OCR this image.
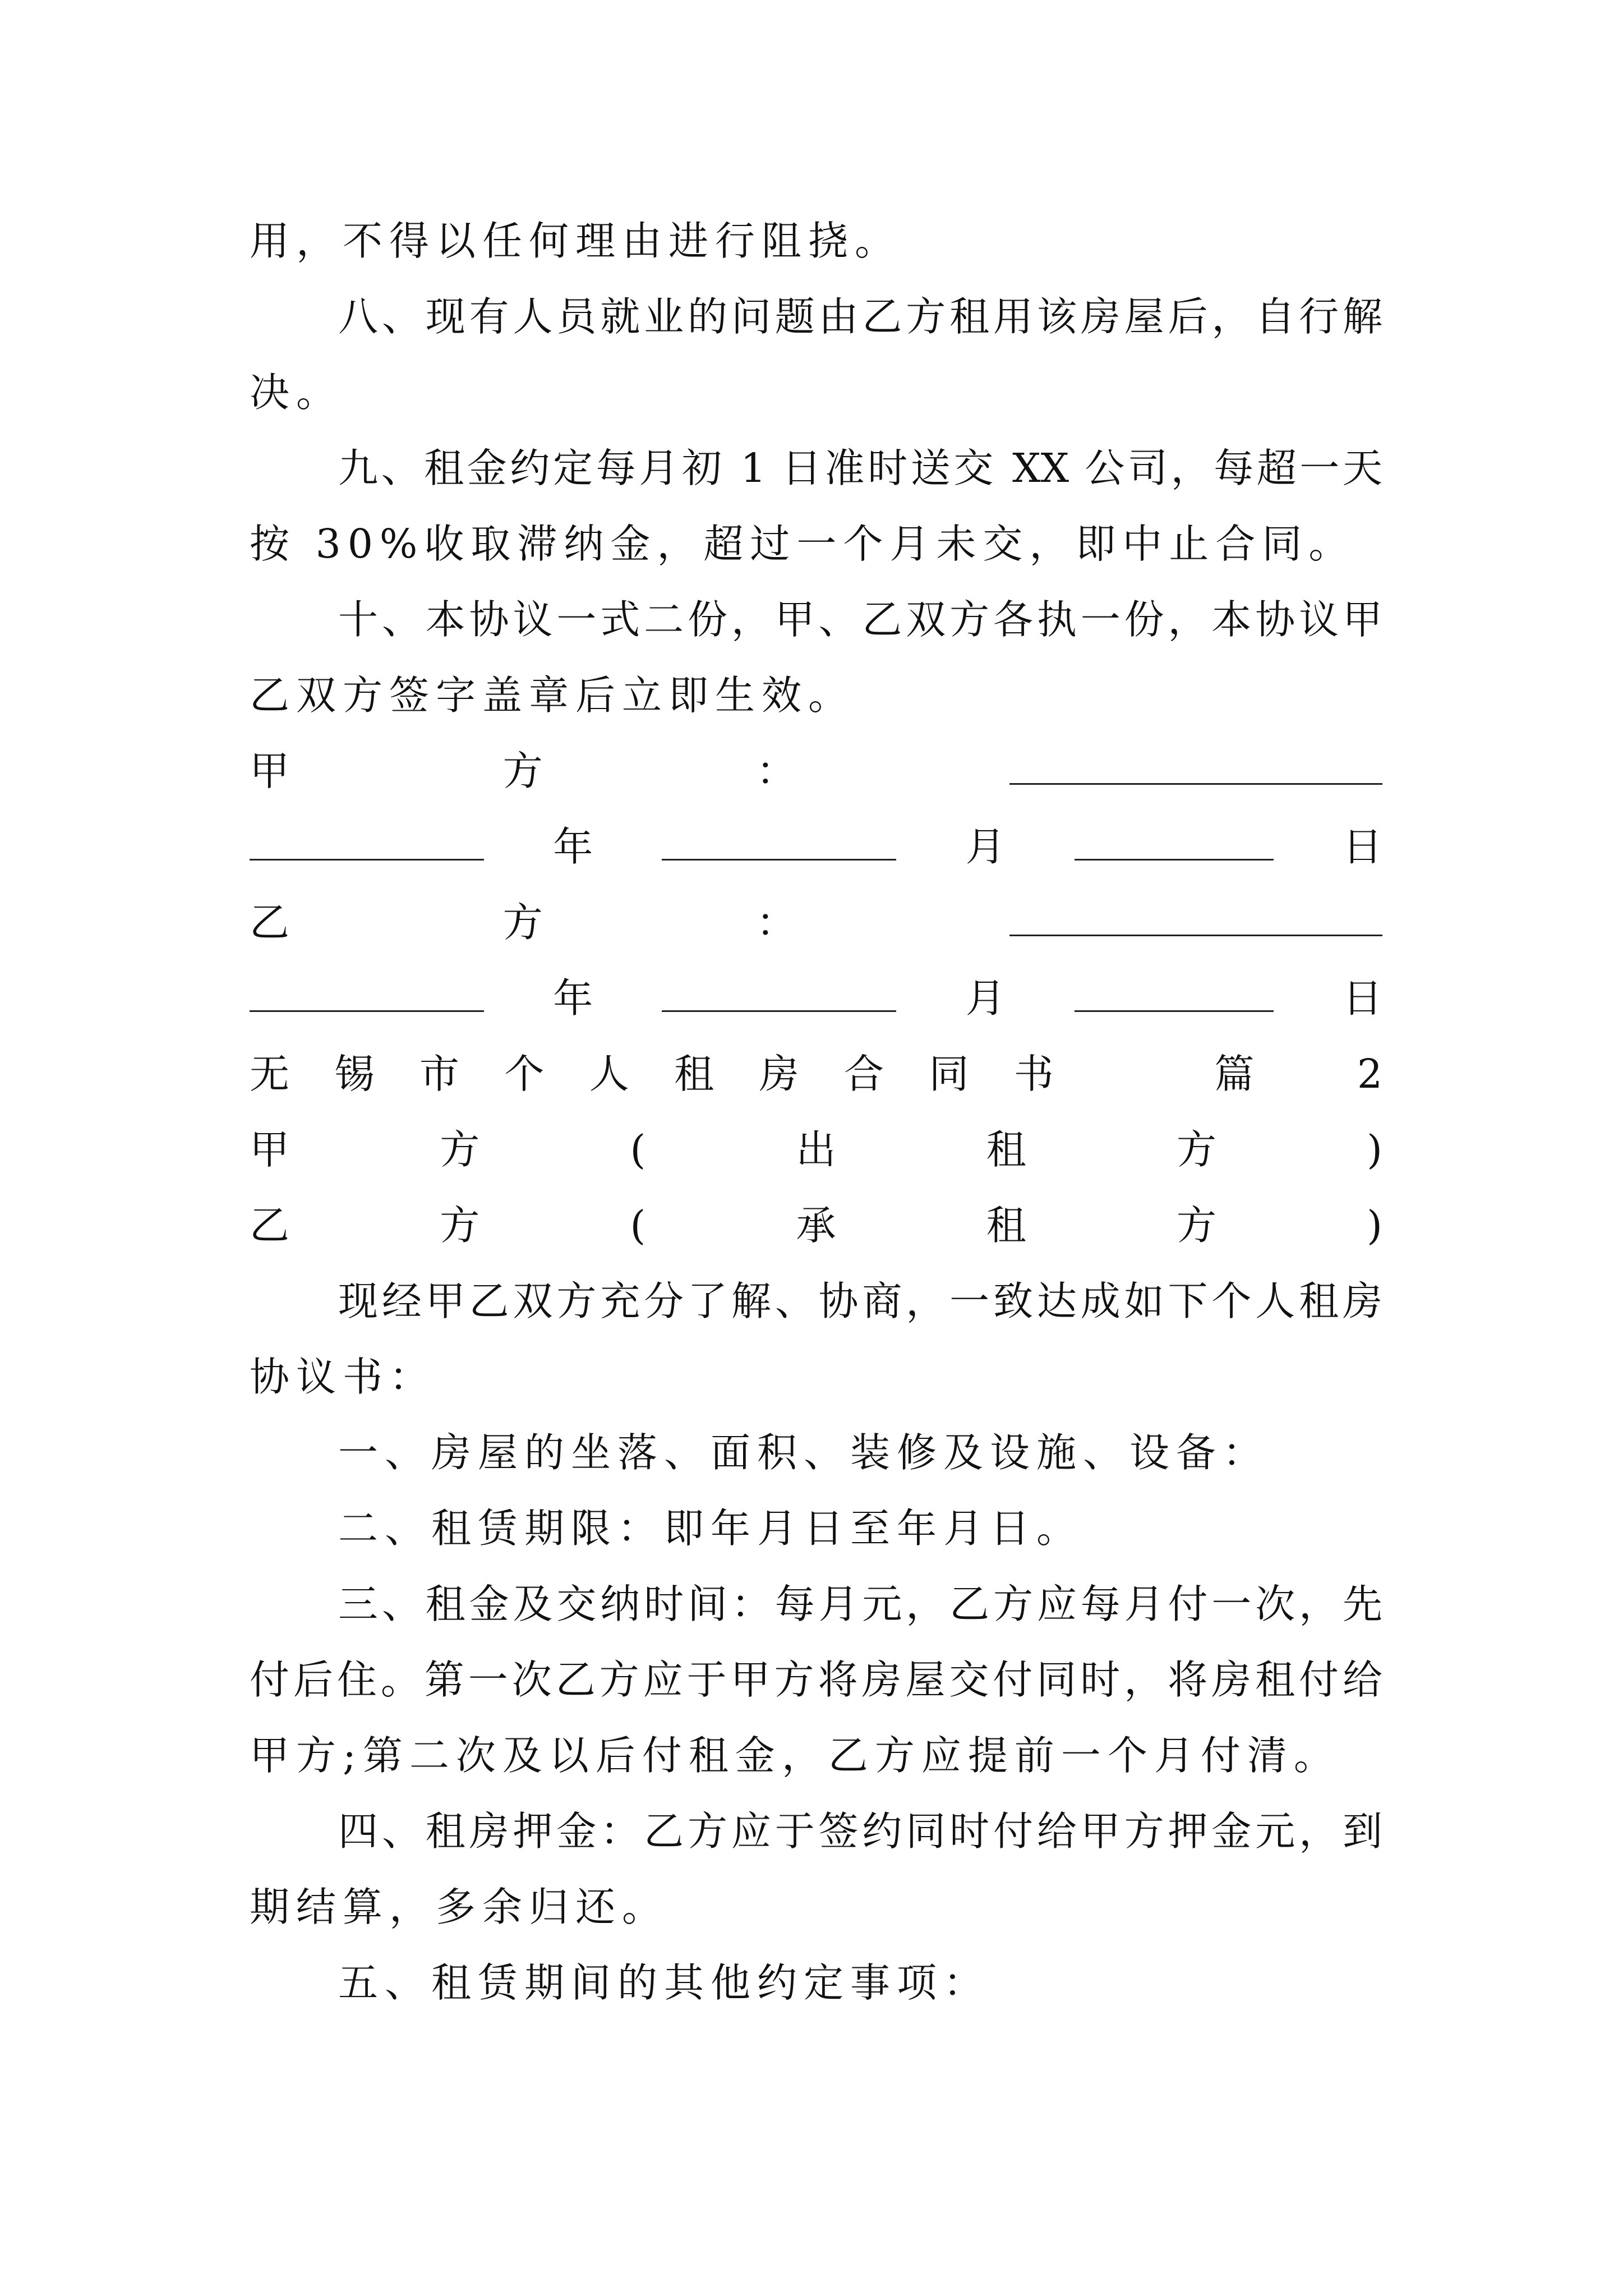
用，不得以任何理由进行阻挠。

八、现有人员就业的问题由乙方租用该房屋后，自行解

决。

九、租金约定每月初 1 日准时送交 XX 公司，每超一天

按 30%收取滞纳金，超过一个月未交，即中止合同。

十、本协议一式二份，甲、乙双方各执一份，本协议甲

乙双方签字盖章后立即生效。

甲方：

年	月	日

乙方：

年	月	日

无锡市个人租房合同书  篇 2

甲方(出租方)

乙方(承租方)

现经甲乙双方充分了解、协商，一致达成如下个人租房

协议书：

一、房屋的坐落、面积、装修及设施、设备：

二、租赁期限：即年月日至年月日。

三、租金及交纳时间：每月元，乙方应每月付一次，先

付后住。第一次乙方应于甲方将房屋交付同时，将房租付给

甲方;第二次及以后付租金，乙方应提前一个月付清。

四、租房押金：乙方应于签约同时付给甲方押金元，到

期结算，多余归还。

五、租赁期间的其他约定事项：
